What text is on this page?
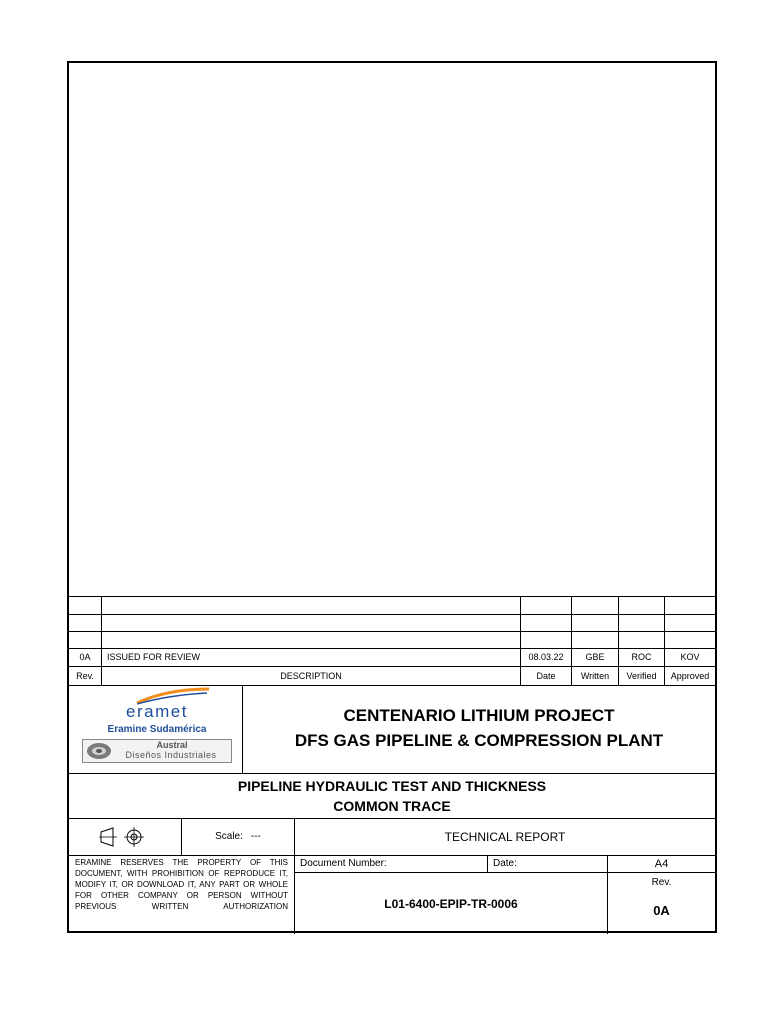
0A	ISSUED FOR REVIEW	08.03.22	GBE	ROC	KOV
Rev.	DESCRIPTION	Date	Written	Verified	Approved
eramet
Eramine Sudamérica
Austral
Diseños Industriales
CENTENARIO LITHIUM PROJECT
DFS GAS PIPELINE & COMPRESSION PLANT
PIPELINE HYDRAULIC TEST AND THICKNESS
COMMON TRACE
Scale: ---	TECHNICAL REPORT
ERAMINE RESERVES THE PROPERTY OF THIS DOCUMENT, WITH PROHIBITION OF REPRODUCE IT, MODIFY IT, OR DOWNLOAD IT, ANY PART OR WHOLE FOR OTHER COMPANY OR PERSON WITHOUT PREVIOUS WRITTEN AUTHORIZATION
Document Number:	Date:	A4
L01-6400-EPIP-TR-0006
Rev.
0A
